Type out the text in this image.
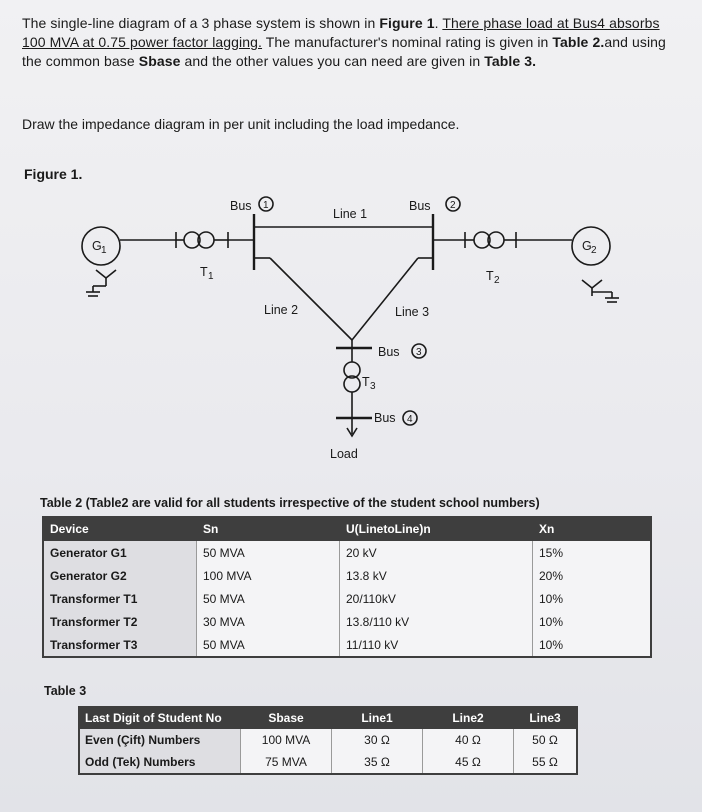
The single-line diagram of a 3 phase system is shown in Figure 1. There phase load at Bus4 absorbs 100 MVA at 0.75 power factor lagging. The manufacturer's nominal rating is given in Table 2.and using the common base Sbase and the other values you can need are given in Table 3.
Draw the impedance diagram in per unit including the load impedance.
Figure 1.
Bus 1	Bus 2
Bus 3
Bus 4
Line 1
Line 2	Line 3
G 1	G 2
T 1	T 2
T 3
Load
Table 2 (Table2 are valid for all students irrespective of the student school numbers)
Device	Sn	U(LinetoLine)n	Xn
Generator G1	50 MVA	20 kV	15%
Generator G2	100 MVA	13.8 kV	20%
Transformer T1	50 MVA	20/110kV	10%
Transformer T2	30 MVA	13.8/110 kV	10%
Transformer T3	50 MVA	11/110 kV	10%
Table 3
Last Digit of Student No	Sbase	Line1	Line2	Line3
Even (Çift) Numbers	100 MVA	30 Ω	40 Ω	50 Ω
Odd (Tek) Numbers	75 MVA	35 Ω	45 Ω	55 Ω
